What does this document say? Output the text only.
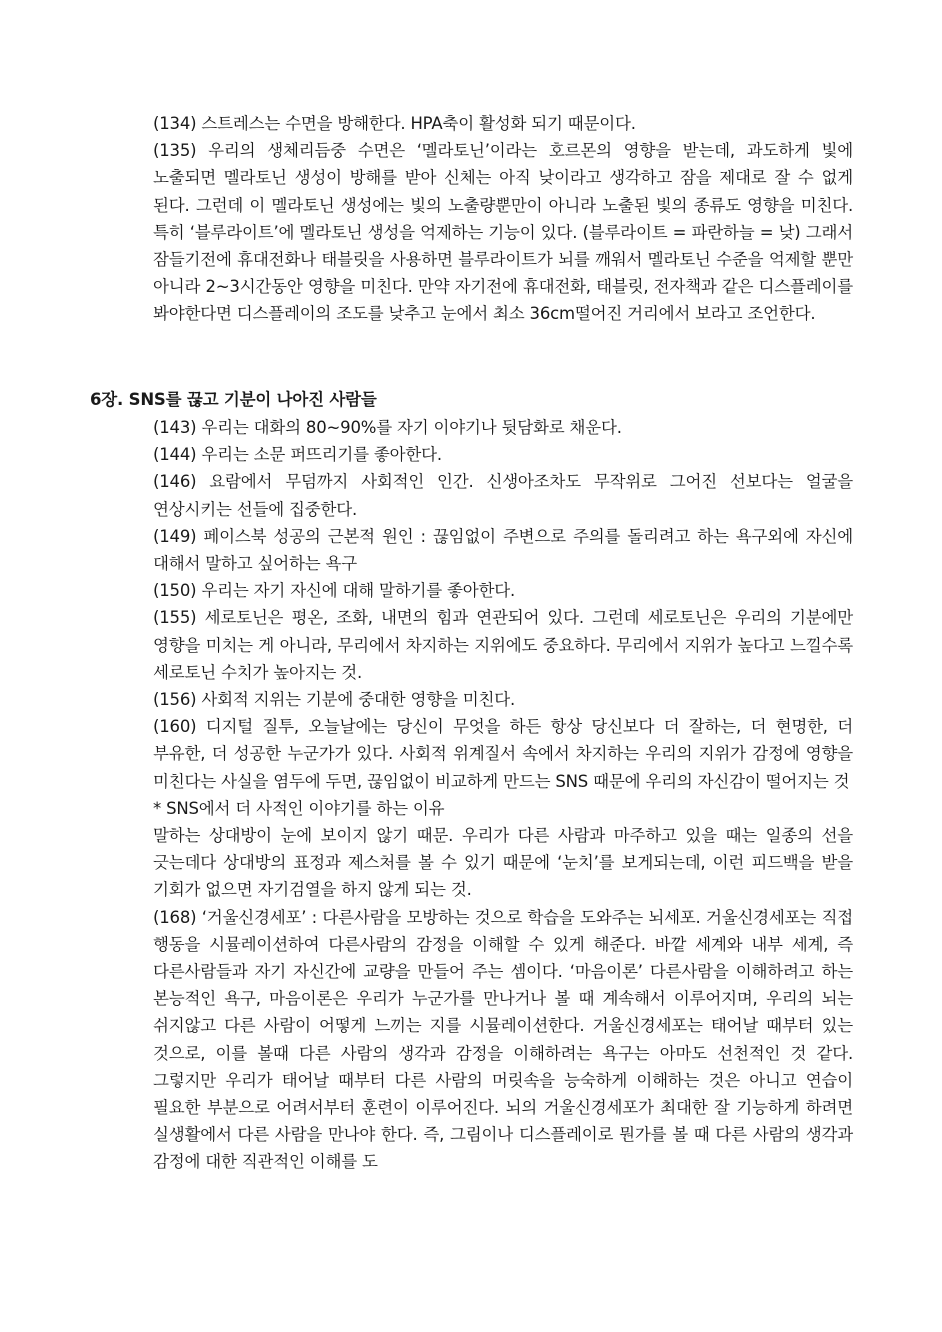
(134) 스트레스는 수면을 방해한다. HPA축이 활성화 되기 때문이다.

(135) 우리의 생체리듬중 수면은 ‘멜라토닌’이라는 호르몬의 영향을 받는데, 과도하게 빛에 노출되면 멜라토닌 생성이 방해를 받아 신체는 아직 낮이라고 생각하고 잠을 제대로 잘 수 없게 된다. 그런데 이 멜라토닌 생성에는 빛의 노출량뿐만이 아니라 노출된 빛의 종류도 영향을 미친다. 특히 ‘블루라이트’에 멜라토닌 생성을 억제하는 기능이 있다. (블루라이트 = 파란하늘 = 낮) 그래서 잠들기전에 휴대전화나 태블릿을 사용하면 블루라이트가 뇌를 깨워서 멜라토닌 수준을 억제할 뿐만 아니라 2~3시간동안 영향을 미친다. 만약 자기전에 휴대전화, 태블릿, 전자책과 같은 디스플레이를 봐야한다면 디스플레이의 조도를 낮추고 눈에서 최소 36cm떨어진 거리에서 보라고 조언한다.

6장. SNS를 끊고 기분이 나아진 사람들

(143) 우리는 대화의 80~90%를 자기 이야기나 뒷담화로 채운다.

(144) 우리는 소문 퍼뜨리기를 좋아한다.

(146) 요람에서 무덤까지 사회적인 인간. 신생아조차도 무작위로 그어진 선보다는 얼굴을 연상시키는 선들에 집중한다.

(149) 페이스북 성공의 근본적 원인 : 끊임없이 주변으로 주의를 돌리려고 하는 욕구외에 자신에 대해서 말하고 싶어하는 욕구

(150) 우리는 자기 자신에 대해 말하기를 좋아한다.

(155) 세로토닌은 평온, 조화, 내면의 힘과 연관되어 있다. 그런데 세로토닌은 우리의 기분에만 영향을 미치는 게 아니라, 무리에서 차지하는 지위에도 중요하다. 무리에서 지위가 높다고 느낄수록 세로토닌 수치가 높아지는 것.

(156) 사회적 지위는 기분에 중대한 영향을 미친다.

(160) 디지털 질투, 오늘날에는 당신이 무엇을 하든 항상 당신보다 더 잘하는, 더 현명한, 더 부유한, 더 성공한 누군가가 있다. 사회적 위계질서 속에서 차지하는 우리의 지위가 감정에 영향을 미친다는 사실을 염두에 두면, 끊임없이 비교하게 만드는 SNS 때문에 우리의 자신감이 떨어지는 것

* SNS에서 더 사적인 이야기를 하는 이유

말하는 상대방이 눈에 보이지 않기 때문. 우리가 다른 사람과 마주하고 있을 때는 일종의 선을 긋는데다 상대방의 표정과 제스처를 볼 수 있기 때문에 ‘눈치’를 보게되는데, 이런 피드백을 받을 기회가 없으면 자기검열을 하지 않게 되는 것.

(168) ‘거울신경세포’ : 다른사람을 모방하는 것으로 학습을 도와주는 뇌세포. 거울신경세포는 직접 행동을 시뮬레이션하여 다른사람의 감정을 이해할 수 있게 해준다. 바깥 세계와 내부 세계, 즉 다른사람들과 자기 자신간에 교량을 만들어 주는 셈이다. ‘마음이론’ 다른사람을 이해하려고 하는 본능적인 욕구, 마음이론은 우리가 누군가를 만나거나 볼 때 계속해서 이루어지며, 우리의 뇌는 쉬지않고 다른 사람이 어떻게 느끼는 지를 시뮬레이션한다. 거울신경세포는 태어날 때부터 있는 것으로, 이를 볼때 다른 사람의 생각과 감정을 이해하려는 욕구는 아마도 선천적인 것 같다. 그렇지만 우리가 태어날 때부터 다른 사람의 머릿속을 능숙하게 이해하는 것은 아니고 연습이 필요한 부분으로 어려서부터 훈련이 이루어진다. 뇌의 거울신경세포가 최대한 잘 기능하게 하려면 실생활에서 다른 사람을 만나야 한다. 즉, 그림이나 디스플레이로 뭔가를 볼 때 다른 사람의 생각과 감정에 대한 직관적인 이해를 도
